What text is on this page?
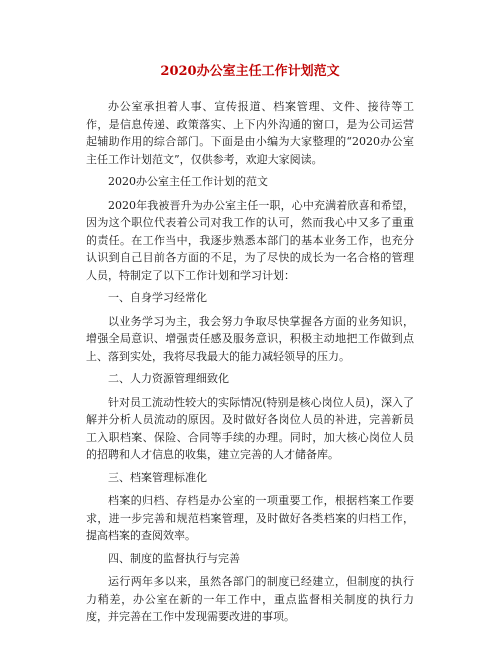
2020办公室主任工作计划范文

办公室承担着人事、宣传报道、档案管理、文件、接待等工作，是信息传递、政策落实、上下内外沟通的窗口，是为公司运营起辅助作用的综合部门。下面是由小编为大家整理的“2020办公室主任工作计划范文”，仅供参考，欢迎大家阅读。

2020办公室主任工作计划的范文

2020年我被晋升为办公室主任一职，心中充满着欣喜和希望，因为这个职位代表着公司对我工作的认可，然而我心中又多了重重的责任。在工作当中，我逐步熟悉本部门的基本业务工作，也充分认识到自己目前各方面的不足，为了尽快的成长为一名合格的管理人员，特制定了以下工作计划和学习计划：

一、自身学习经常化

以业务学习为主，我会努力争取尽快掌握各方面的业务知识，增强全局意识、增强责任感及服务意识，积极主动地把工作做到点上、落到实处，我将尽我最大的能力减轻领导的压力。

二、人力资源管理细致化

针对员工流动性较大的实际情况(特别是核心岗位人员)，深入了解并分析人员流动的原因。及时做好各岗位人员的补进，完善新员工入职档案、保险、合同等手续的办理。同时，加大核心岗位人员的招聘和人才信息的收集，建立完善的人才储备库。

三、档案管理标准化

档案的归档、存档是办公室的一项重要工作，根据档案工作要求，进一步完善和规范档案管理，及时做好各类档案的归档工作，提高档案的查阅效率。

四、制度的监督执行与完善

运行两年多以来，虽然各部门的制度已经建立，但制度的执行力稍差，办公室在新的一年工作中，重点监督相关制度的执行力度，并完善在工作中发现需要改进的事项。
